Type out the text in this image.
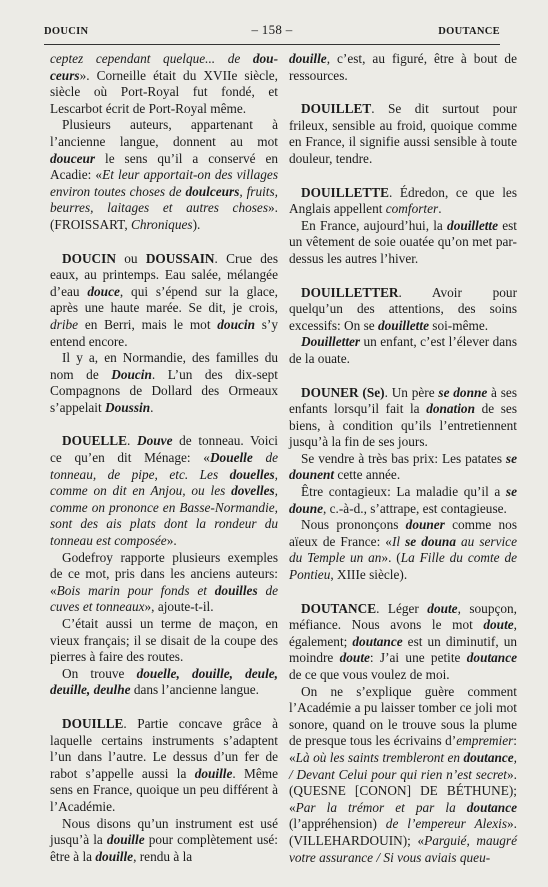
DOUCIN	– 158 –	DOUTANCE

ceptez cependant quelque... de dou-ceurs». Corneille était du XVIIe siècle, siècle où Port-Royal fut fondé, et Lescarbot écrit de Port-Royal même.

Plusieurs auteurs, appartenant à l’ancienne langue, donnent au mot douceur le sens qu’il a conservé en Acadie: «Et leur apportait-on des villages environ toutes choses de doulceurs, fruits, beurres, laitages et autres choses». (FROISSART, Chroniques).

DOUCIN ou DOUSSAIN. Crue des eaux, au printemps. Eau salée, mélangée d’eau douce, qui s’épend sur la glace, après une haute marée. Se dit, je crois, dribe en Berri, mais le mot doucin s’y entend encore.

Il y a, en Normandie, des familles du nom de Doucin. L’un des dix-sept Compagnons de Dollard des Ormeaux s’appelait Doussin.

DOUELLE. Douve de tonneau. Voici ce qu’en dit Ménage: «Douelle de tonneau, de pipe, etc. Les douelles, comme on dit en Anjou, ou les dovelles, comme on prononce en Basse-Normandie, sont des ais plats dont la rondeur du tonneau est composée».

Godefroy rapporte plusieurs exemples de ce mot, pris dans les anciens auteurs: «Bois marin pour fonds et douilles de cuves et tonneaux», ajoute-t-il.

C’était aussi un terme de maçon, en vieux français; il se disait de la coupe des pierres à faire des routes.

On trouve douelle, douille, deule, deuille, deulhe dans l’ancienne langue.

DOUILLE. Partie concave grâce à laquelle certains instruments s’adaptent l’un dans l’autre. Le dessus d’un fer de rabot s’appelle aussi la douille. Même sens en France, quoique un peu différent à l’Académie.

Nous disons qu’un instrument est usé jusqu’à la douille pour complètement usé: être à la douille, rendu à la

douille, c’est, au figuré, être à bout de ressources.

DOUILLET. Se dit surtout pour frileux, sensible au froid, quoique comme en France, il signifie aussi sensible à toute douleur, tendre.

DOUILLETTE. Édredon, ce que les Anglais appellent comforter.

En France, aujourd’hui, la douillette est un vêtement de soie ouatée qu’on met par-dessus les autres l’hiver.

DOUILLETTER. Avoir pour quelqu’un des attentions, des soins excessifs: On se douillette soi-même.

Douilletter un enfant, c’est l’élever dans de la ouate.

DOUNER (Se). Un père se donne à ses enfants lorsqu’il fait la donation de ses biens, à condition qu’ils l’entretiennent jusqu’à la fin de ses jours.

Se vendre à très bas prix: Les patates se dounent cette année.

Être contagieux: La maladie qu’il a se doune, c.-à-d., s’attrape, est contagieuse.

Nous prononçons douner comme nos aïeux de France: «Il se douna au service du Temple un an». (La Fille du comte de Pontieu, XIIIe siècle).

DOUTANCE. Léger doute, soupçon, méfiance. Nous avons le mot doute, également; doutance est un diminutif, un moindre doute: J’ai une petite doutance de ce que vous voulez de moi.

On ne s’explique guère comment l’Académie a pu laisser tomber ce joli mot sonore, quand on le trouve sous la plume de presque tous les écrivains d’empremier: «Là où les saints trembleront en doutance, / Devant Celui pour qui rien n’est secret». (QUESNE [CONON] DE BÉTHUNE); «Par la trémor et par la doutance (l’appréhension) de l’empereur Alexis». (VILLEHARDOUIN); «Parguié, maugré votre assurance / Si vous aviais queu-
